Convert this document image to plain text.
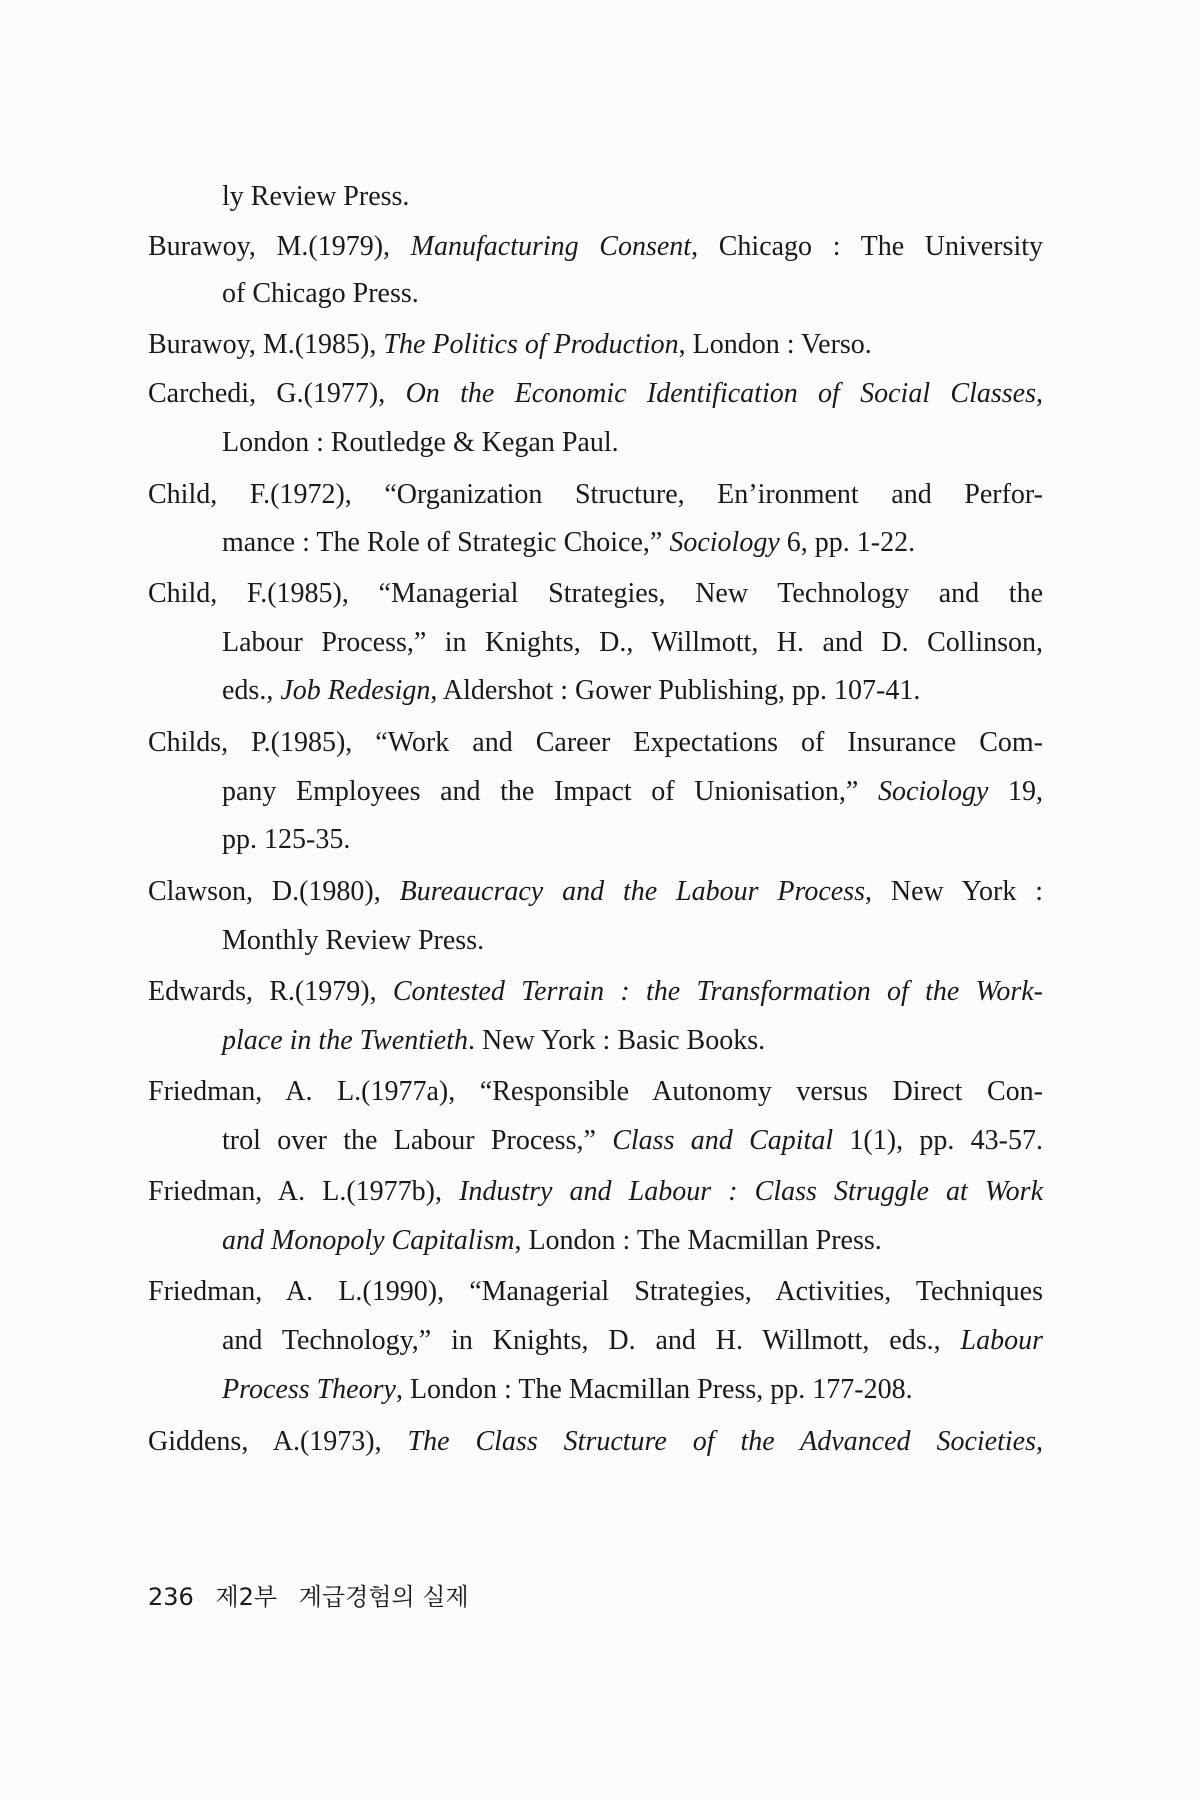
ly Review Press.
Burawoy, M.(1979), Manufacturing Consent, Chicago : The University
of Chicago Press.
Burawoy, M.(1985), The Politics of Production, London : Verso.
Carchedi, G.(1977), On the Economic Identification of Social Classes,
London : Routledge & Kegan Paul.
Child, F.(1972), “Organization Structure, En’ironment and Perfor-
mance : The Role of Strategic Choice,” Sociology 6, pp. 1-22.
Child, F.(1985), “Managerial Strategies, New Technology and the
Labour Process,” in Knights, D., Willmott, H. and D. Collinson,
eds., Job Redesign, Aldershot : Gower Publishing, pp. 107-41.
Childs, P.(1985), “Work and Career Expectations of Insurance Com-
pany Employees and the Impact of Unionisation,” Sociology 19,
pp. 125-35.
Clawson, D.(1980), Bureaucracy and the Labour Process, New York :
Monthly Review Press.
Edwards, R.(1979), Contested Terrain : the Transformation of the Work-
place in the Twentieth. New York : Basic Books.
Friedman, A. L.(1977a), “Responsible Autonomy versus Direct Con-
trol over the Labour Process,” Class and Capital 1(1), pp. 43-57.
Friedman, A. L.(1977b), Industry and Labour : Class Struggle at Work
and Monopoly Capitalism, London : The Macmillan Press.
Friedman, A. L.(1990), “Managerial Strategies, Activities, Techniques
and Technology,” in Knights, D. and H. Willmott, eds., Labour
Process Theory, London : The Macmillan Press, pp. 177-208.
Giddens, A.(1973), The Class Structure of the Advanced Societies,
236 제2부 계급경험의 실제
